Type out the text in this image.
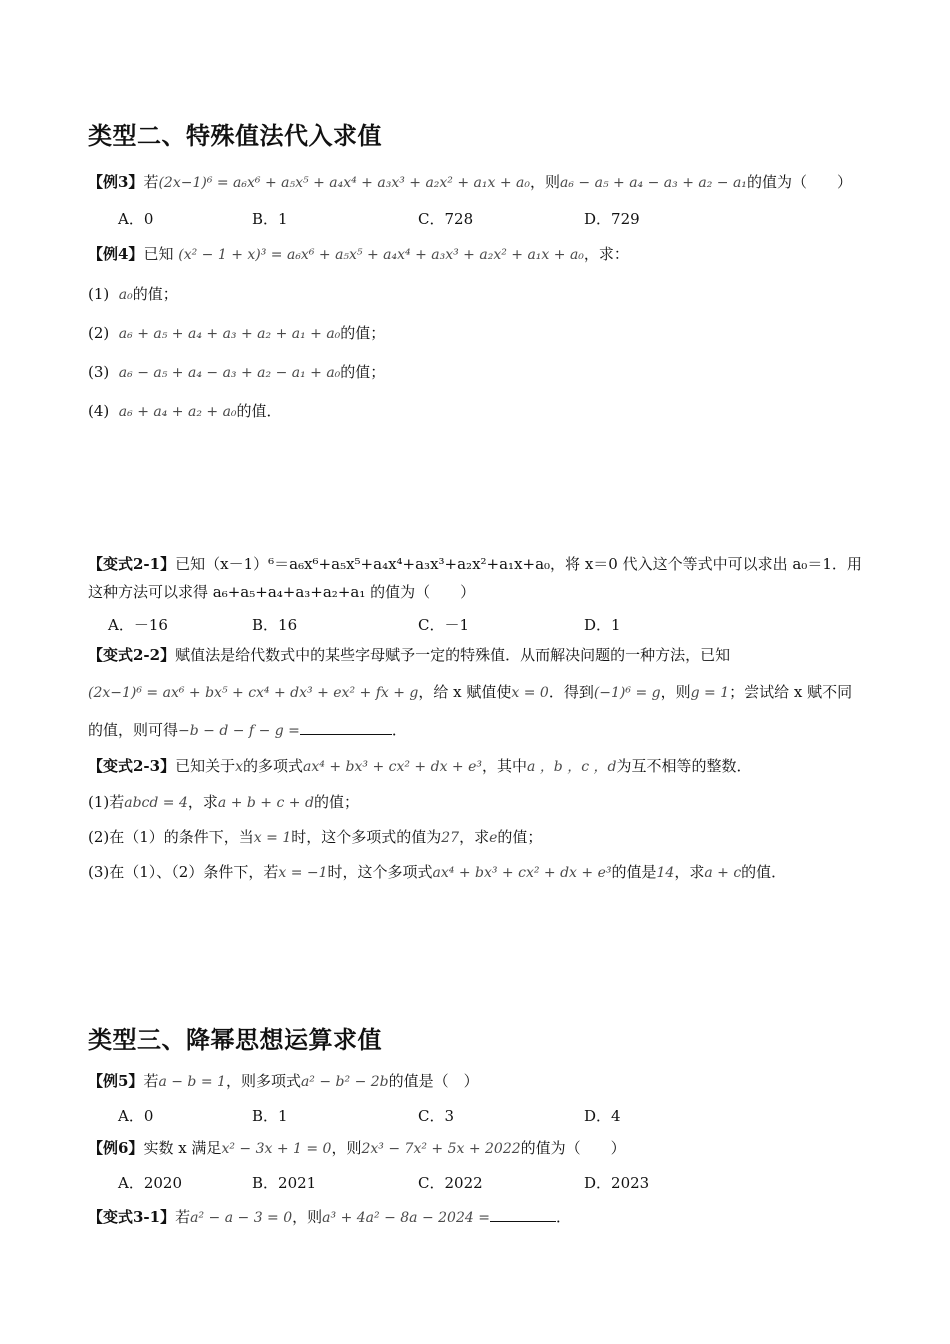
类型二、特殊值法代入求值
【例3】若(2x−1)⁶ = a₆x⁶ + a₅x⁵ + a₄x⁴ + a₃x³ + a₂x² + a₁x + a₀，则a₆ − a₅ + a₄ − a₃ + a₂ − a₁的值为（　　）
A．0	B．1	C．728	D．729
【例4】已知 (x² − 1 + x)³ = a₆x⁶ + a₅x⁵ + a₄x⁴ + a₃x³ + a₂x² + a₁x + a₀，求：
(1) a₀的值；
(2) a₆ + a₅ + a₄ + a₃ + a₂ + a₁ + a₀的值；
(3) a₆ − a₅ + a₄ − a₃ + a₂ − a₁ + a₀的值；
(4) a₆ + a₄ + a₂ + a₀的值．
【变式2-1】已知（x－1）⁶＝a₆x⁶+a₅x⁵+a₄x⁴+a₃x³+a₂x²+a₁x+a₀，将 x＝0 代入这个等式中可以求出 a₀＝1．用
这种方法可以求得 a₆+a₅+a₄+a₃+a₂+a₁ 的值为（　　）
A．－16	B．16	C．－1	D．1
【变式2-2】赋值法是给代数式中的某些字母赋予一定的特殊值．从而解决问题的一种方法，已知
(2x−1)⁶ = ax⁶ + bx⁵ + cx⁴ + dx³ + ex² + fx + g，给 x 赋值使x = 0．得到(−1)⁶ = g，则g = 1；尝试给 x 赋不同
的值，则可得−b − d − f − g =	．
【变式2-3】已知关于x的多项式ax⁴ + bx³ + cx² + dx + e³，其中a ，b ，c ，d为互不相等的整数．
(1)若abcd = 4，求a + b + c + d的值；
(2)在（1）的条件下，当x = 1时，这个多项式的值为27，求e的值；
(3)在（1）、（2）条件下，若x = −1时，这个多项式ax⁴ + bx³ + cx² + dx + e³的值是14，求a + c的值．
类型三、降幂思想运算求值
【例5】若a − b = 1，则多项式a² − b² − 2b的值是（　）
A．0	B．1	C．3	D．4
【例6】实数 x 满足x² − 3x + 1 = 0，则2x³ − 7x² + 5x + 2022的值为（　　）
A．2020	B．2021	C．2022	D．2023
【变式3-1】若a² − a − 3 = 0，则a³ + 4a² − 8a − 2024 =	．
